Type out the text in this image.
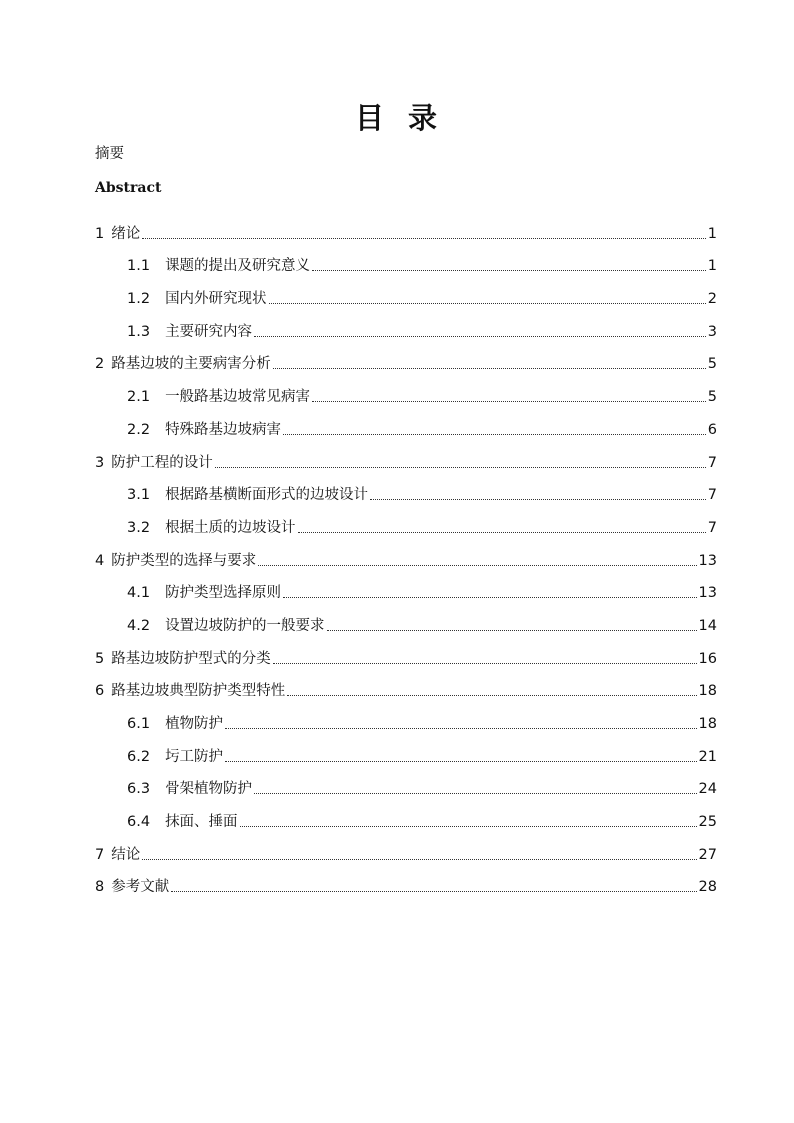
目 录

摘要

Abstract

1 绪论	1
1.1 课题的提出及研究意义	1
1.2 国内外研究现状	2
1.3 主要研究内容	3
2 路基边坡的主要病害分析	5
2.1 一般路基边坡常见病害	5
2.2 特殊路基边坡病害	6
3 防护工程的设计	7
3.1 根据路基横断面形式的边坡设计	7
3.2 根据土质的边坡设计	7
4 防护类型的选择与要求	13
4.1 防护类型选择原则	13
4.2 设置边坡防护的一般要求	14
5 路基边坡防护型式的分类	16
6 路基边坡典型防护类型特性	18
6.1 植物防护	18
6.2 圬工防护	21
6.3 骨架植物防护	24
6.4 抹面、捶面	25
7 结论	27
8 参考文献	28
